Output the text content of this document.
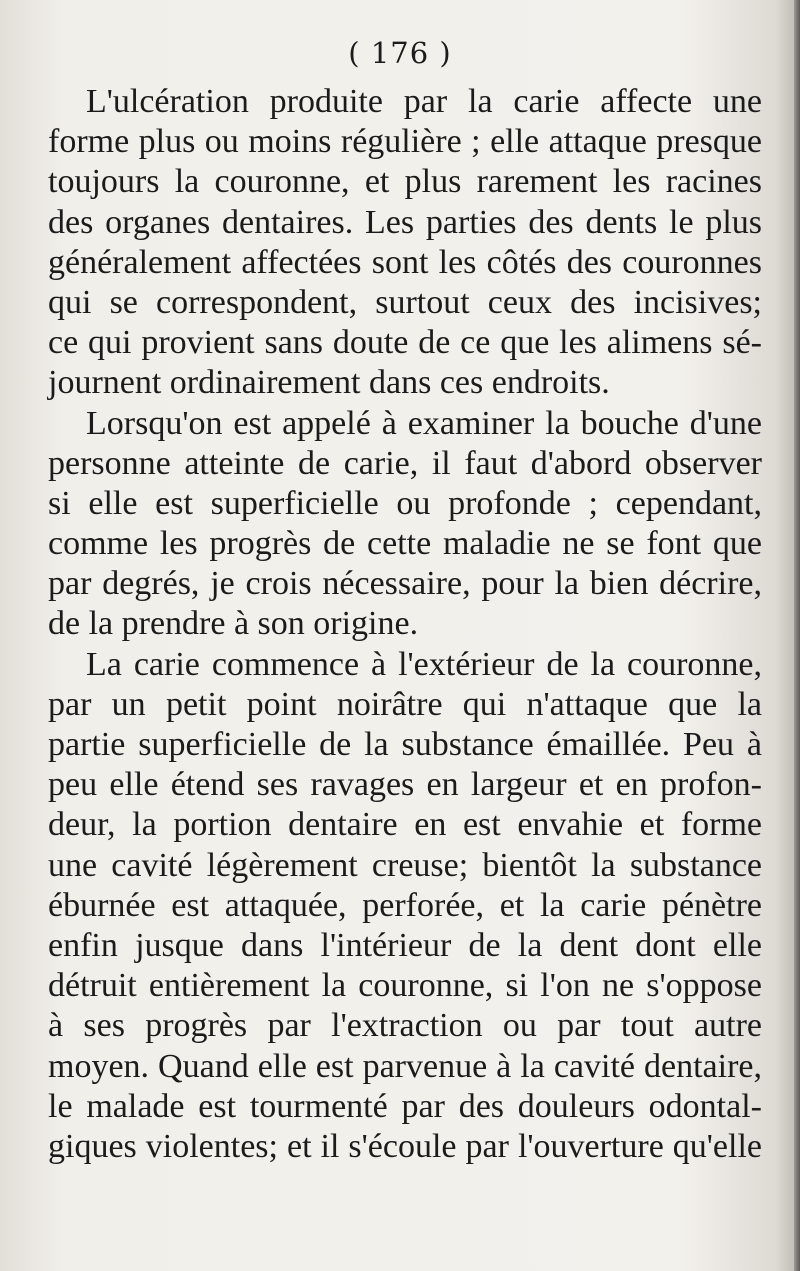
( 176 )

L'ulcération produite par la carie affecte une
forme plus ou moins régulière ; elle attaque presque
toujours la couronne, et plus rarement les racines
des organes dentaires. Les parties des dents le plus
généralement affectées sont les côtés des couronnes
qui se correspondent, surtout ceux des incisives;
ce qui provient sans doute de ce que les alimens sé-
journent ordinairement dans ces endroits.
Lorsqu'on est appelé à examiner la bouche d'une
personne atteinte de carie, il faut d'abord observer
si elle est superficielle ou profonde ; cependant,
comme les progrès de cette maladie ne se font que
par degrés, je crois nécessaire, pour la bien décrire,
de la prendre à son origine.
La carie commence à l'extérieur de la couronne,
par un petit point noirâtre qui n'attaque que la
partie superficielle de la substance émaillée. Peu à
peu elle étend ses ravages en largeur et en profon-
deur, la portion dentaire en est envahie et forme
une cavité légèrement creuse; bientôt la substance
éburnée est attaquée, perforée, et la carie pénètre
enfin jusque dans l'intérieur de la dent dont elle
détruit entièrement la couronne, si l'on ne s'oppose
à ses progrès par l'extraction ou par tout autre
moyen. Quand elle est parvenue à la cavité dentaire,
le malade est tourmenté par des douleurs odontal-
giques violentes; et il s'écoule par l'ouverture qu'elle
